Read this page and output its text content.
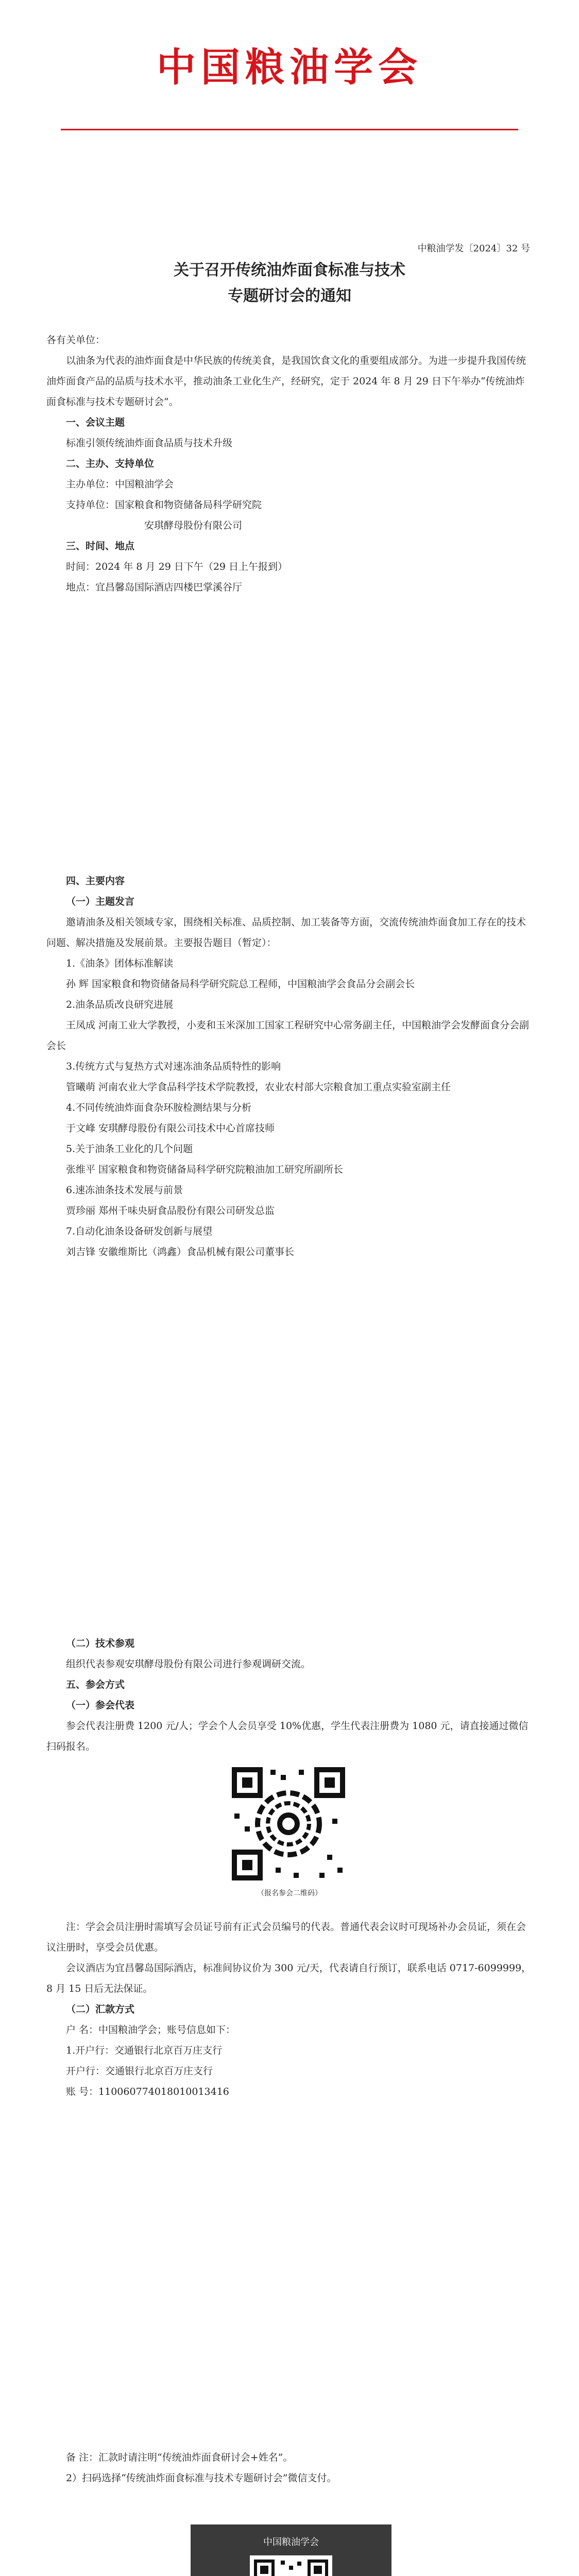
中国粮油学会
中粮油学发〔2024〕32 号
关于召开传统油炸面食标准与技术
专题研讨会的通知

各有关单位：

以油条为代表的油炸面食是中华民族的传统美食，是我国饮食文化的重要组成部分。为进一步提升我国传统油炸面食产品的品质与技术水平，推动油条工业化生产，经研究，定于 2024 年 8 月 29 日下午举办“传统油炸面食标准与技术专题研讨会”。

一、会议主题

标准引领传统油炸面食品质与技术升级

二、主办、支持单位

主办单位：中国粮油学会

支持单位：国家粮食和物资储备局科学研究院

安琪酵母股份有限公司

三、时间、地点

时间：2024 年 8 月 29 日下午（29 日上午报到）

地点：宜昌馨岛国际酒店四楼巴掌溪谷厅

四、主要内容

（一）主题发言

邀请油条及相关领域专家，围绕相关标准、品质控制、加工装备等方面，交流传统油炸面食加工存在的技术问题、解决措施及发展前景。主要报告题目（暂定）：

1.《油条》团体标准解读

孙 辉 国家粮食和物资储备局科学研究院总工程师，中国粮油学会食品分会副会长

2.油条品质改良研究进展

王凤成 河南工业大学教授，小麦和玉米深加工国家工程研究中心常务副主任，中国粮油学会发酵面食分会副会长

3.传统方式与复热方式对速冻油条品质特性的影响

管曦萌 河南农业大学食品科学技术学院教授，农业农村部大宗粮食加工重点实验室副主任

4.不同传统油炸面食杂环胺检测结果与分析

于文峰 安琪酵母股份有限公司技术中心首席技师

5.关于油条工业化的几个问题

张维平 国家粮食和物资储备局科学研究院粮油加工研究所副所长

6.速冻油条技术发展与前景

贾珍丽 郑州千味央厨食品股份有限公司研发总监

7.自动化油条设备研发创新与展望

刘吉锋 安徽维斯比（鸿鑫）食品机械有限公司董事长

（二）技术参观

组织代表参观安琪酵母股份有限公司进行参观调研交流。

五、参会方式

（一）参会代表

参会代表注册费 1200 元/人；学会个人会员享受 10%优惠，学生代表注册费为 1080 元，请直接通过微信扫码报名。

（报名参会二维码）

注：学会会员注册时需填写会员证号前有正式会员编号的代表。普通代表会议时可现场补办会员证，须在会议注册时，享受会员优惠。

会议酒店为宜昌馨岛国际酒店，标准间协议价为 300 元/天，代表请自行预订，联系电话 0717-6099999，8 月 15 日后无法保证。

（二）汇款方式

户 名：中国粮油学会；账号信息如下：

1.开户行：交通银行北京百万庄支行

开户行：交通银行北京百万庄支行

账 号：110060774018010013416

备 注：汇款时请注明“传统油炸面食研讨会+姓名”。

2）扫码选择“传统油炸面食标准与技术专题研讨会”微信支付。

中国粮油学会
